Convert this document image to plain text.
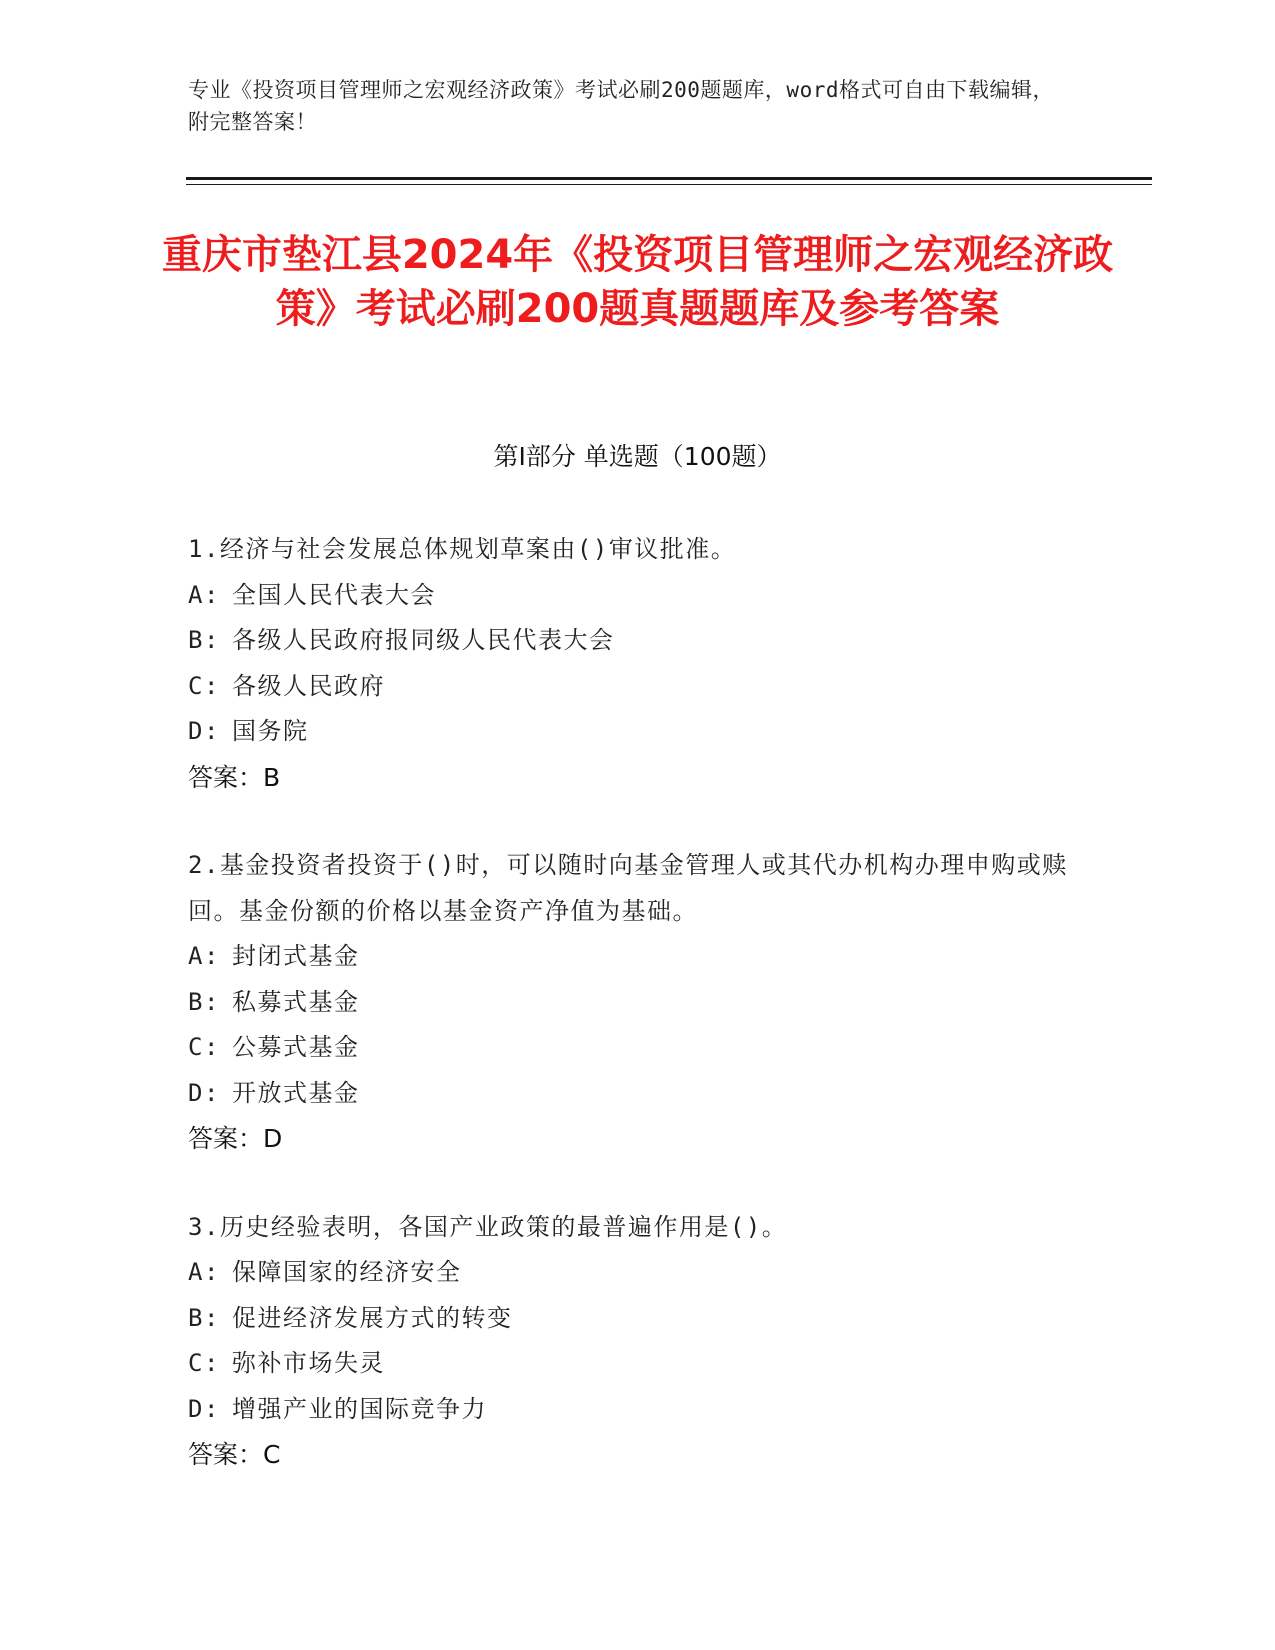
专业《投资项目管理师之宏观经济政策》考试必刷200题题库，word格式可自由下载编辑，附完整答案！
重庆市垫江县2024年《投资项目管理师之宏观经济政策》考试必刷200题真题题库及参考答案
第I部分 单选题（100题）
1.经济与社会发展总体规划草案由()审议批准。
A: 全国人民代表大会
B: 各级人民政府报同级人民代表大会
C: 各级人民政府
D: 国务院
答案：B
2.基金投资者投资于()时，可以随时向基金管理人或其代办机构办理申购或赎回。基金份额的价格以基金资产净值为基础。
A: 封闭式基金
B: 私募式基金
C: 公募式基金
D: 开放式基金
答案：D
3.历史经验表明，各国产业政策的最普遍作用是()。
A: 保障国家的经济安全
B: 促进经济发展方式的转变
C: 弥补市场失灵
D: 增强产业的国际竞争力
答案：C
